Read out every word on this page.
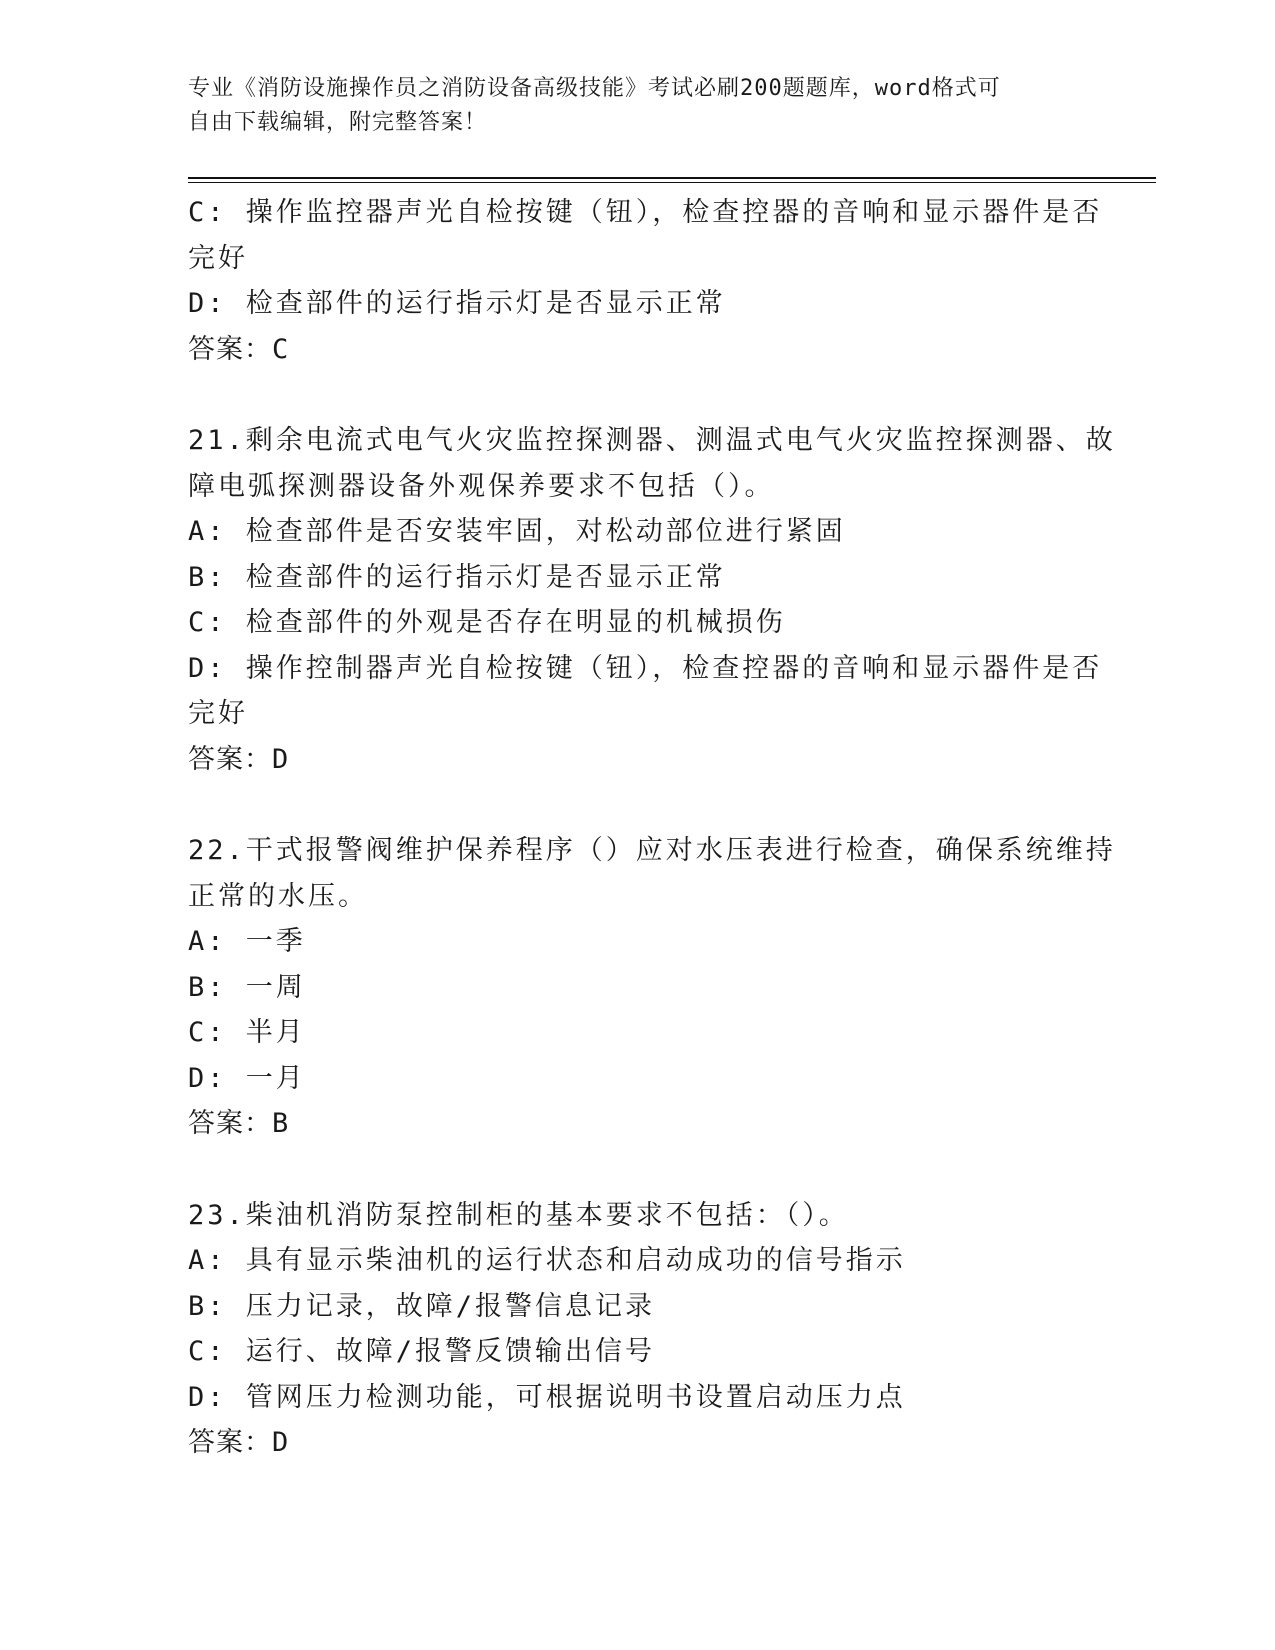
专业《消防设施操作员之消防设备高级技能》考试必刷200题题库，word格式可
自由下载编辑，附完整答案！
C: 操作监控器声光自检按键（钮），检查控器的音响和显示器件是否
完好
D: 检查部件的运行指示灯是否显示正常
答案：C
21.剩余电流式电气火灾监控探测器、测温式电气火灾监控探测器、故
障电弧探测器设备外观保养要求不包括（）。
A: 检查部件是否安装牢固，对松动部位进行紧固
B: 检查部件的运行指示灯是否显示正常
C: 检查部件的外观是否存在明显的机械损伤
D: 操作控制器声光自检按键（钮），检查控器的音响和显示器件是否
完好
答案：D
22.干式报警阀维护保养程序（）应对水压表进行检查，确保系统维持
正常的水压。
A: 一季
B: 一周
C: 半月
D: 一月
答案：B
23.柴油机消防泵控制柜的基本要求不包括：（）。
A: 具有显示柴油机的运行状态和启动成功的信号指示
B: 压力记录，故障/报警信息记录
C: 运行、故障/报警反馈输出信号
D: 管网压力检测功能，可根据说明书设置启动压力点
答案：D
